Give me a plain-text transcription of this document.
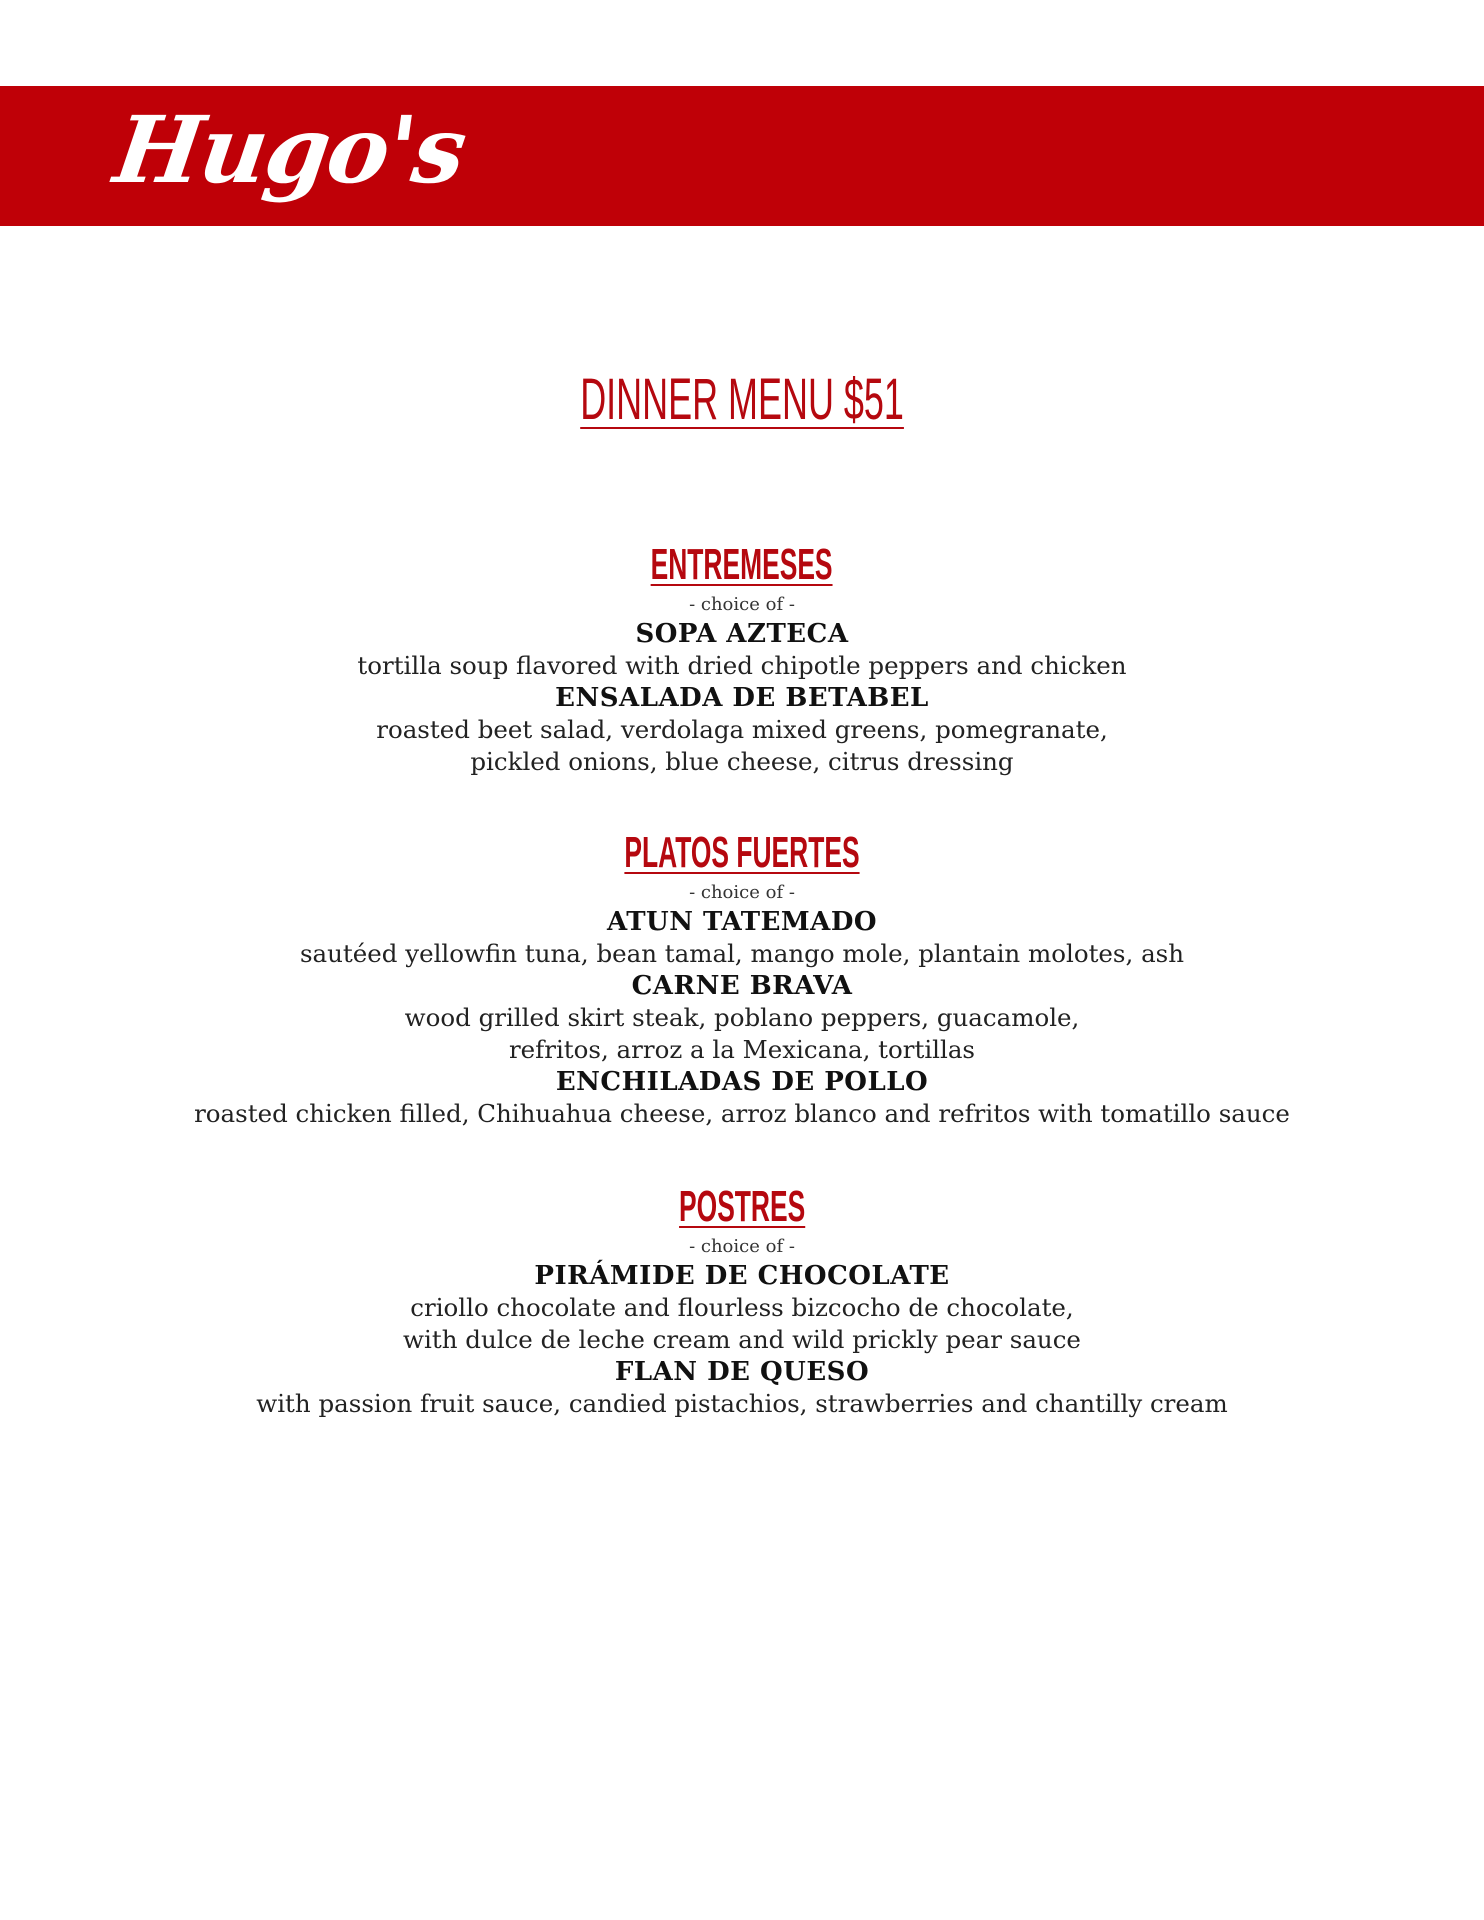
Hugo's
DINNER MENU $51
ENTREMESES

- choice of -

SOPA AZTECA

tortilla soup flavored with dried chipotle peppers and chicken

ENSALADA DE BETABEL

roasted beet salad, verdolaga mixed greens, pomegranate,
pickled onions, blue cheese, citrus dressing

PLATOS FUERTES

- choice of -

ATUN TATEMADO

sautéed yellowfin tuna, bean tamal, mango mole, plantain molotes, ash

CARNE BRAVA

wood grilled skirt steak, poblano peppers, guacamole,
refritos, arroz a la Mexicana, tortillas

ENCHILADAS DE POLLO

roasted chicken filled, Chihuahua cheese, arroz blanco and refritos with tomatillo sauce

POSTRES

- choice of -

PIRÁMIDE DE CHOCOLATE

criollo chocolate and flourless bizcocho de chocolate,
with dulce de leche cream and wild prickly pear sauce

FLAN DE QUESO

with passion fruit sauce, candied pistachios, strawberries and chantilly cream
